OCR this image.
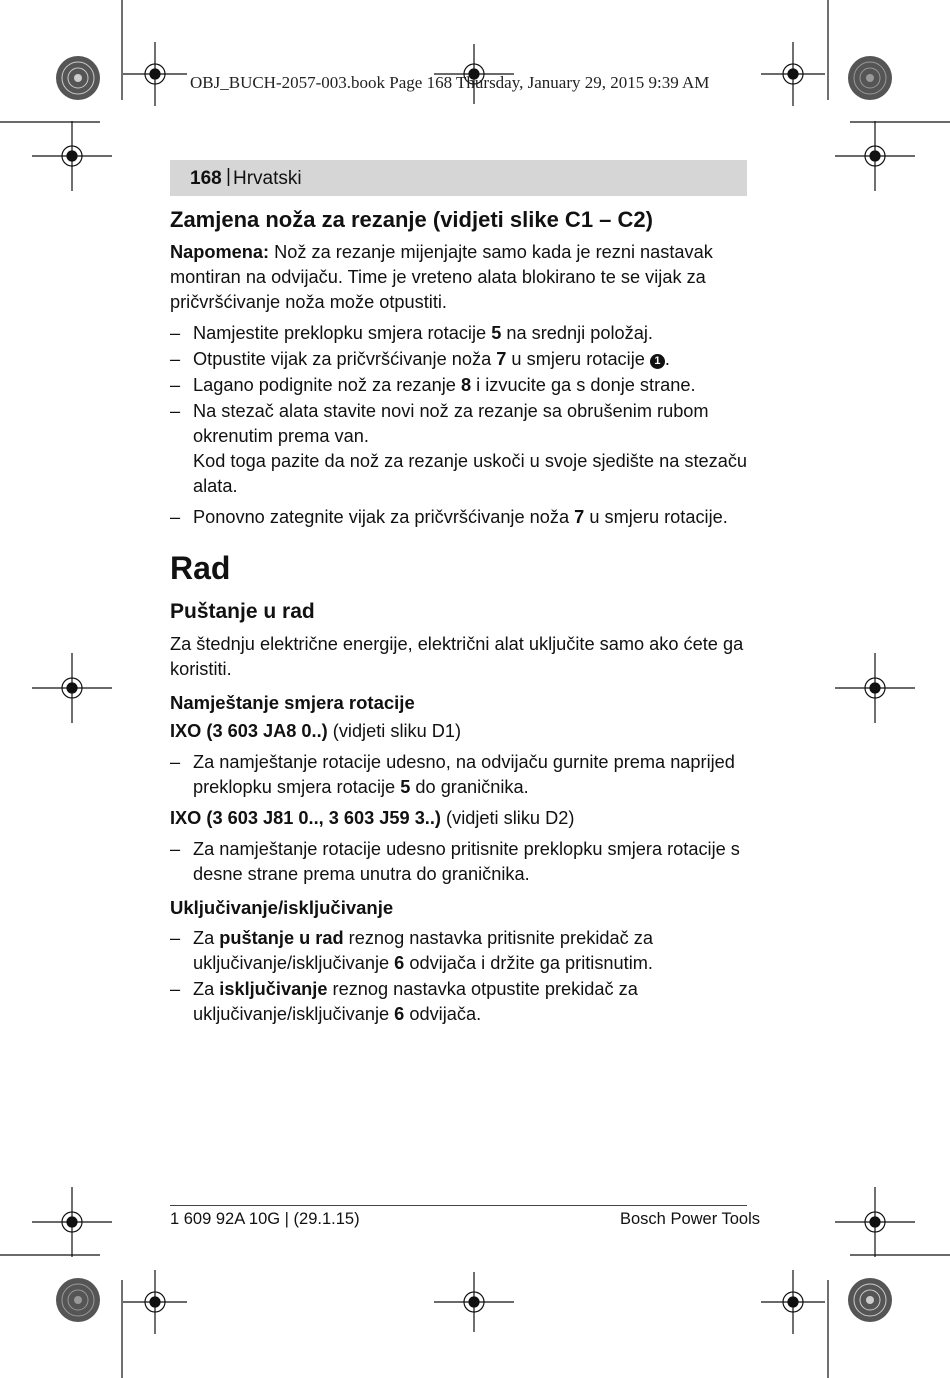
OBJ_BUCH-2057-003.book Page 168 Thursday, January 29, 2015 9:39 AM
168 | Hrvatski
Zamjena noža za rezanje (vidjeti slike C1 – C2)

Napomena: Nož za rezanje mijenjajte samo kada je rezni nastavak montiran na odvijaču. Time je vreteno alata blokirano te se vijak za pričvršćivanje noža može otpustiti.

– Namjestite preklopku smjera rotacije 5 na srednji položaj.
– Otpustite vijak za pričvršćivanje noža 7 u smjeru rotacije 1 .
– Lagano podignite nož za rezanje 8 i izvucite ga s donje strane.
– Na stezač alata stavite novi nož za rezanje sa obrušenim rubom okrenutim prema van.

Kod toga pazite da nož za rezanje uskoči u svoje sjedište na stezaču alata.

– Ponovno zategnite vijak za pričvršćivanje noža 7 u smjeru rotacije.
Rad
Puštanje u rad

Za štednju električne energije, električni alat uključite samo ako ćete ga koristiti.

Namještanje smjera rotacije

IXO (3 603 JA8 0..) (vidjeti sliku D1)

– Za namještanje rotacije udesno, na odvijaču gurnite prema naprijed preklopku smjera rotacije 5 do graničnika.

IXO (3 603 J81 0.., 3 603 J59 3..) (vidjeti sliku D2)

– Za namještanje rotacije udesno pritisnite preklopku smjera rotacije s desne strane prema unutra do graničnika.
Uključivanje/isključivanje
– Za puštanje u rad reznog nastavka pritisnite prekidač za uključivanje/isključivanje 6 odvijača i držite ga pritisnutim.
– Za isključivanje reznog nastavka otpustite prekidač za uključivanje/isključivanje 6 odvijača.
1 609 92A 10G | (29.1.15)	Bosch Power Tools
